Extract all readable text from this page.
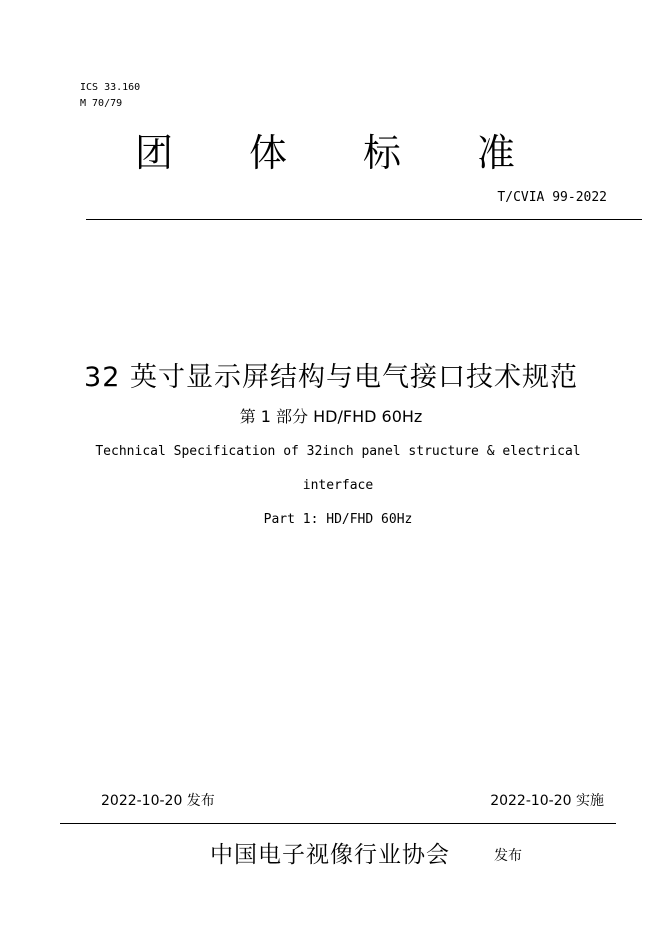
ICS 33.160
M 70/79
团 体 标 准
T/CVIA 99-2022
32 英寸显示屏结构与电气接口技术规范
第 1 部分 HD/FHD 60Hz
Technical Specification of 32inch panel structure & electrical
interface
Part 1: HD/FHD 60Hz
2022-10-20 发布	2022-10-20 实施
中国电子视像行业协会	发布
